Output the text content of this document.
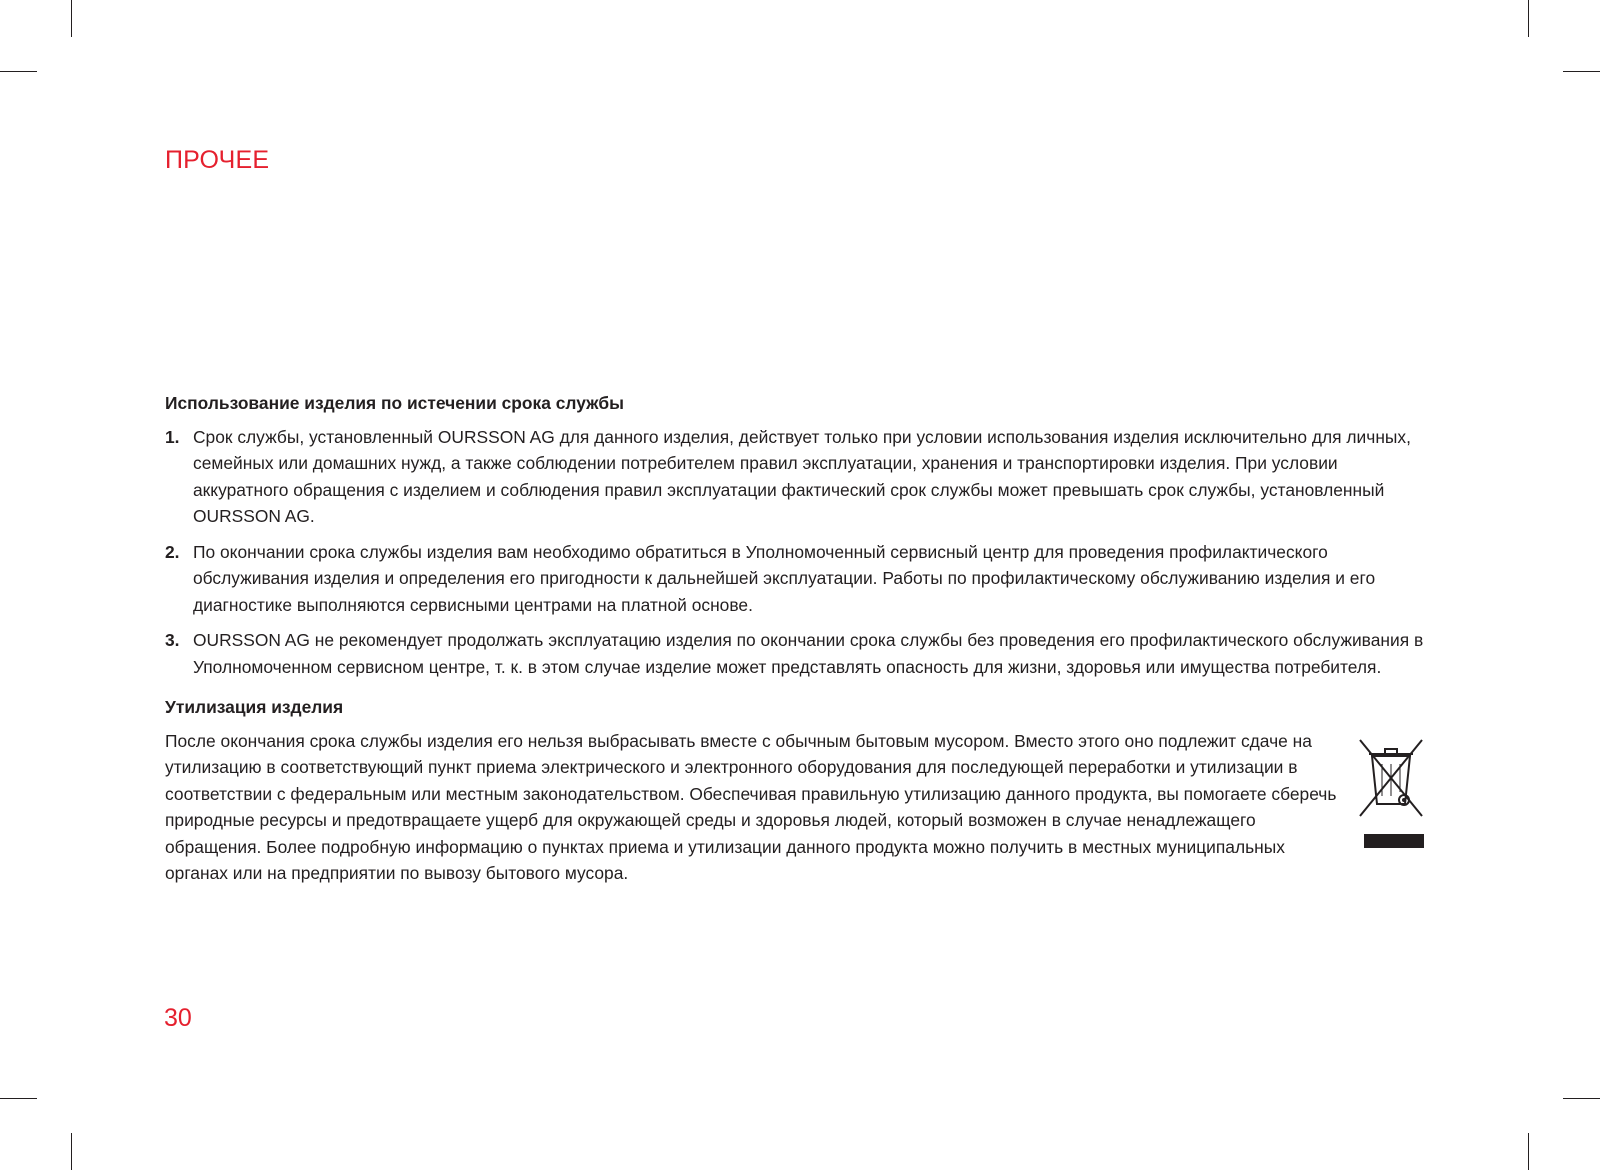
ПРОЧЕЕ
Использование изделия по истечении срока службы
1. Срок службы, установленный OURSSON AG для данного изделия, действует только при условии использования изделия исключительно для личных, семейных или домашних нужд, а также соблюдении потребителем правил эксплуатации, хранения и транспортировки изделия. При условии аккуратного обращения с изделием и соблюдения правил эксплуатации фактический срок службы может превышать срок службы, установленный OURSSON AG.
2. По окончании срока службы изделия вам необходимо обратиться в Уполномоченный сервисный центр для проведения профилактического обслуживания изделия и определения его пригодности к дальнейшей эксплуатации. Работы по профилактическому обслуживанию изделия и его диагностике выполняются сервисными центрами на платной основе.
3. OURSSON AG не рекомендует продолжать эксплуатацию изделия по окончании срока службы без проведения его профилактического обслуживания в Уполномоченном сервисном центре, т. к. в этом случае изделие может представлять опасность для жизни, здоровья или имущества потребителя.
Утилизация изделия
После окончания срока службы изделия его нельзя выбрасывать вместе с обычным бытовым мусором. Вместо этого оно подлежит сдаче на утилизацию в соответствующий пункт приема электрического и электронного оборудования для последующей переработки и утилизации в соответствии с федеральным или местным законодательством. Обеспечивая правильную утилизацию данного продукта, вы помогаете сберечь природные ресурсы и предотвращаете ущерб для окружающей среды и здоровья людей, который возможен в случае ненадлежащего обращения. Более подробную информацию о пунктах приема и утилизации данного продукта можно получить в местных муниципальных органах или на предприятии по вывозу бытового мусора.
30
